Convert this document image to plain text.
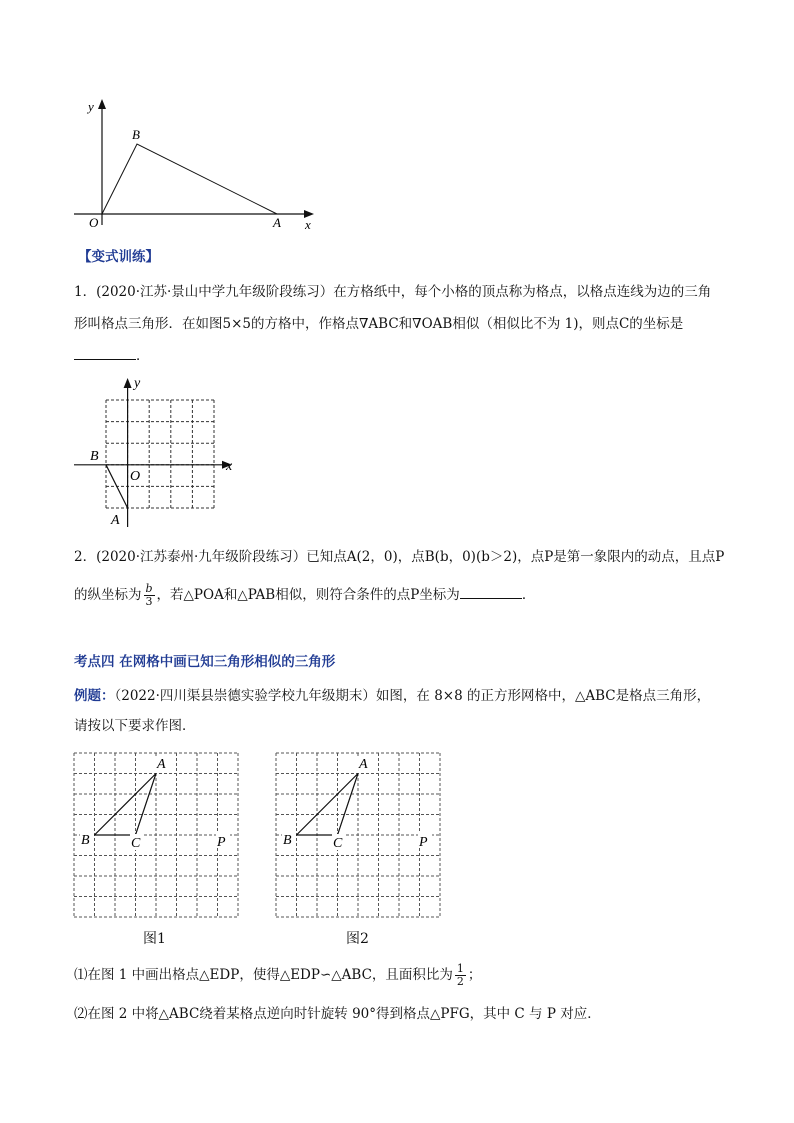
y
B
O	A x
【变式训练】
1．(2020·江苏·景山中学九年级阶段练习）在方格纸中，每个小格的顶点称为格点，以格点连线为边的三角
形叫格点三角形．在如图5×5的方格中，作格点∇ABC和∇OAB相似（相似比不为 1)，则点C的坐标是
．
y
B
O
A
x
2．(2020·江苏泰州·九年级阶段练习）已知点A(2，0)，点B(b，0)(b＞2)，点P是第一象限内的动点，且点P
的纵坐标为 $\frac{b}{3}$ ，若△POA和△PAB相似，则符合条件的点P坐标为	．
考点四 在网格中画已知三角形相似的三角形
例题：（2022·四川渠县崇德实验学校九年级期末）如图，在 8×8 的正方形网格中，△ABC是格点三角形，
请按以下要求作图．
A
B	C	P
图1
A
B	C	P
图2
⑴在图 1 中画出格点△EDP，使得△EDP∽△ABC，且面积比为 $\frac{1}{2}$ ；
⑵在图 2 中将△ABC绕着某格点逆向时针旋转 90°得到格点△PFG，其中 C 与 P 对应．
